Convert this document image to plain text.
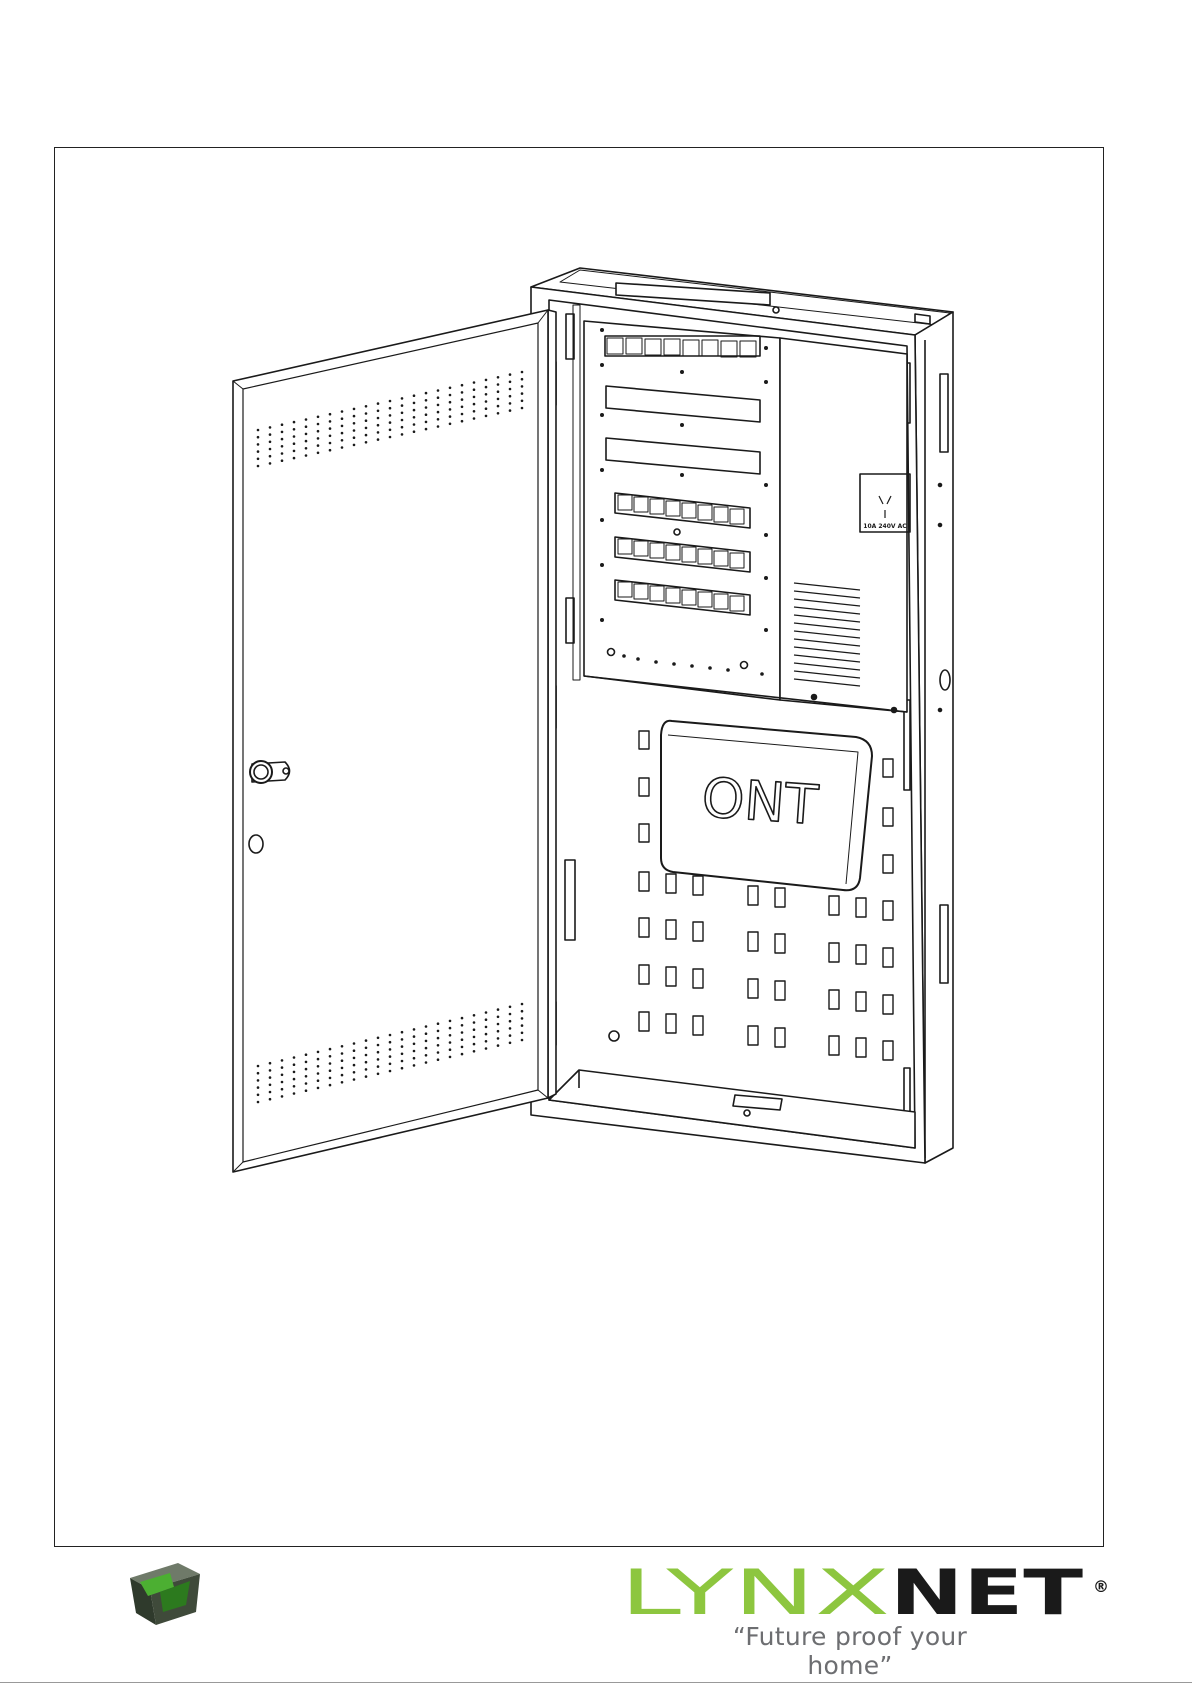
10A 240V AC
ONT
LYNX NET ®
“Future proof your home”
